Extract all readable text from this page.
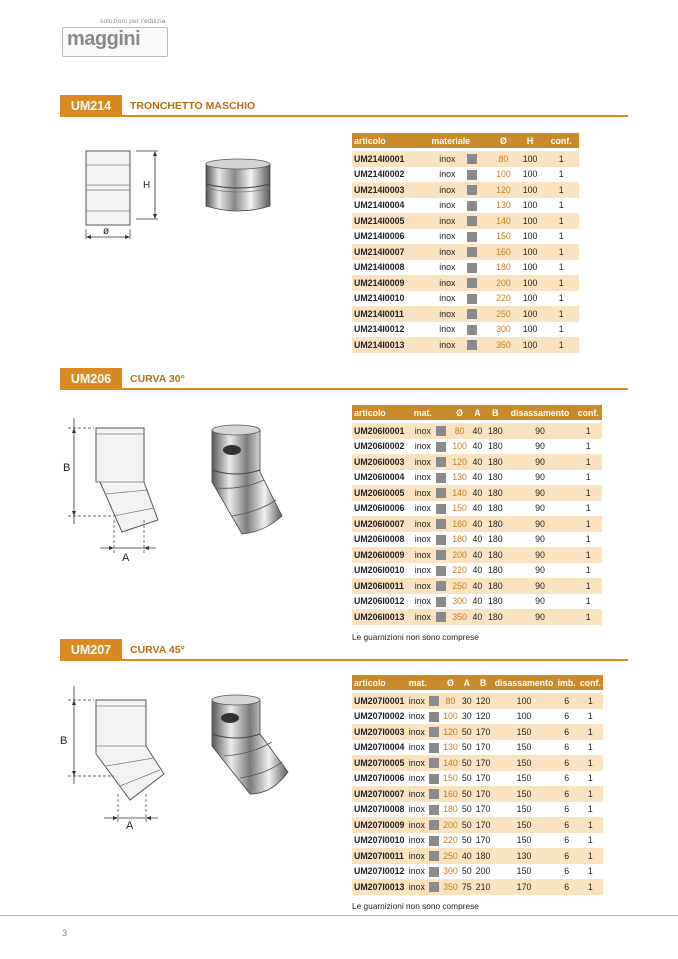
soluzioni per l'edilizia
maggini
UM214	TRONCHETTO MASCHIO
H
ø
articolo	materiale		Ø	H	conf.

UM214I0001	inox		80	100	1
UM214I0002	inox		100	100	1
UM214I0003	inox		120	100	1
UM214I0004	inox		130	100	1
UM214I0005	inox		140	100	1
UM214I0006	inox		150	100	1
UM214I0007	inox		160	100	1
UM214I0008	inox		180	100	1
UM214I0009	inox		200	100	1
UM214I0010	inox		220	100	1
UM214I0011	inox		250	100	1
UM214I0012	inox		300	100	1
UM214I0013	inox		350	100	1
UM206	CURVA 30°
B
A
articolo	mat.		Ø	A	B	disassamento	conf.

UM206I0001	inox		80	40	180	90	1
UM206I0002	inox		100	40	180	90	1
UM206I0003	inox		120	40	180	90	1
UM206I0004	inox		130	40	180	90	1
UM206I0005	inox		140	40	180	90	1
UM206I0006	inox		150	40	180	90	1
UM206I0007	inox		160	40	180	90	1
UM206I0008	inox		180	40	180	90	1
UM206I0009	inox		200	40	180	90	1
UM206I0010	inox		220	40	180	90	1
UM206I0011	inox		250	40	180	90	1
UM206I0012	inox		300	40	180	90	1
UM206I0013	inox		350	40	180	90	1
Le guarnizioni non sono comprese
UM207	CURVA 45°
B
A
articolo	mat.		Ø	A	B	disassamento	imb.	conf.

UM207I0001	inox		80	30	120	100	6	1
UM207I0002	inox		100	30	120	100	6	1
UM207I0003	inox		120	50	170	150	6	1
UM207I0004	inox		130	50	170	150	6	1
UM207I0005	inox		140	50	170	150	6	1
UM207I0006	inox		150	50	170	150	6	1
UM207I0007	inox		160	50	170	150	6	1
UM207I0008	inox		180	50	170	150	6	1
UM207I0009	inox		200	50	170	150	6	1
UM207I0010	inox		220	50	170	150	6	1
UM207I0011	inox		250	40	180	130	6	1
UM207I0012	inox		300	50	200	150	6	1
UM207I0013	inox		350	75	210	170	6	1
Le guarnizioni non sono comprese
3
